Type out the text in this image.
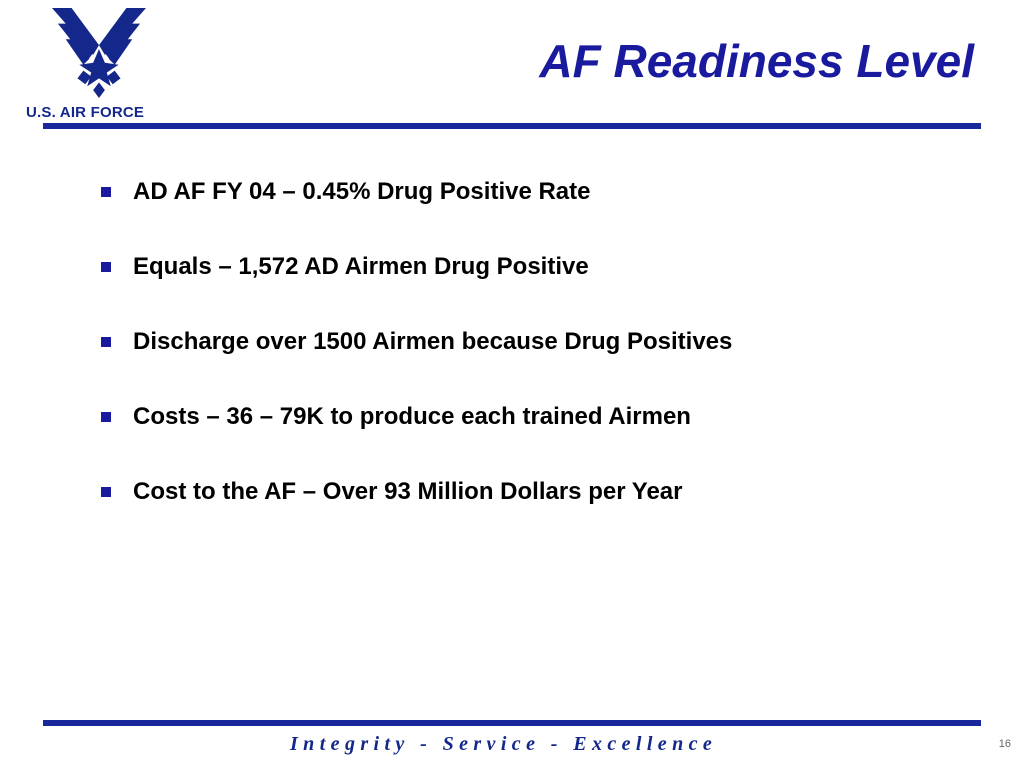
U.S. AIR FORCE
AF Readiness Level
AD AF FY 04 – 0.45% Drug Positive Rate
Equals – 1,572 AD Airmen Drug Positive
Discharge over 1500 Airmen because Drug Positives
Costs – 36 – 79K to produce each trained Airmen
Cost to the AF – Over 93 Million Dollars per Year
Integrity - Service - Excellence	16
